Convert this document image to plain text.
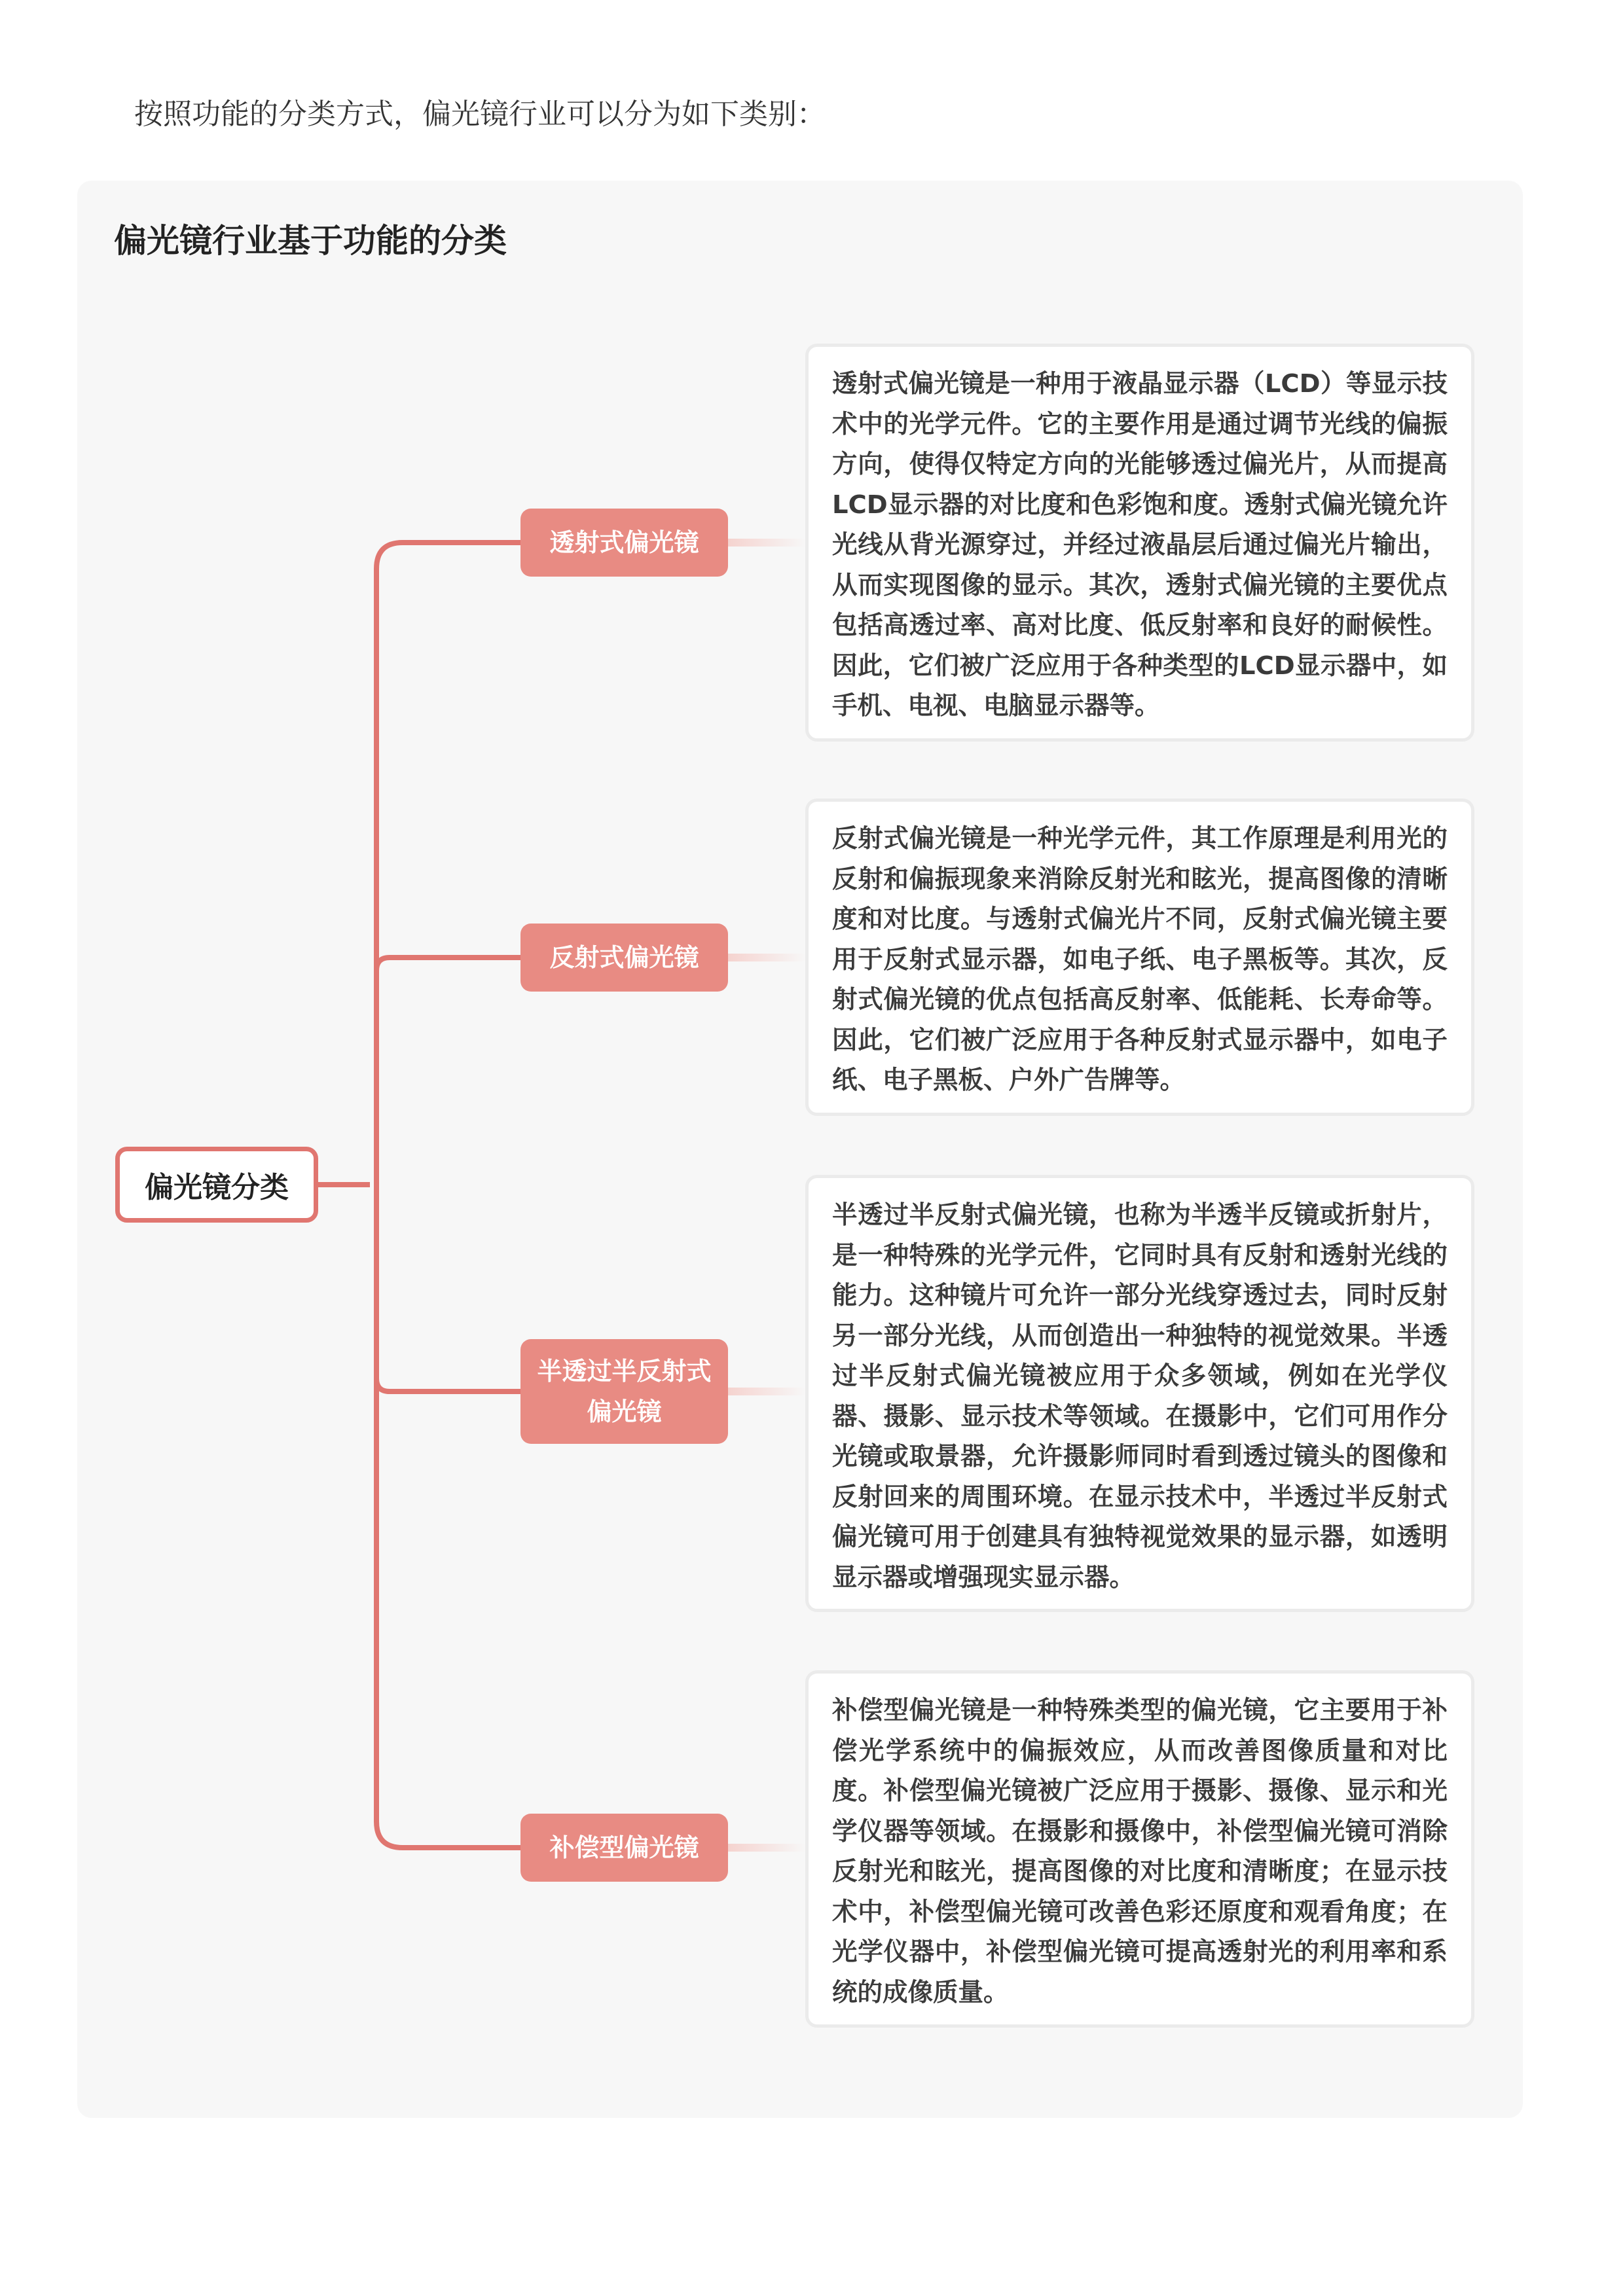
按照功能的分类方式，偏光镜行业可以分为如下类别：
偏光镜行业基于功能的分类
偏光镜分类
透射式偏光镜
透射式偏光镜是一种用于液晶显示器（LCD）等显示技术中的光学元件。它的主要作用是通过调节光线的偏振方向，使得仅特定方向的光能够透过偏光片，从而提高LCD显示器的对比度和色彩饱和度。透射式偏光镜允许光线从背光源穿过，并经过液晶层后通过偏光片输出，从而实现图像的显示。其次，透射式偏光镜的主要优点包括高透过率、高对比度、低反射率和良好的耐候性。因此，它们被广泛应用于各种类型的LCD显示器中，如手机、电视、电脑显示器等。
反射式偏光镜
反射式偏光镜是一种光学元件，其工作原理是利用光的反射和偏振现象来消除反射光和眩光，提高图像的清晰度和对比度。与透射式偏光片不同，反射式偏光镜主要用于反射式显示器，如电子纸、电子黑板等。其次，反射式偏光镜的优点包括高反射率、低能耗、长寿命等。因此，它们被广泛应用于各种反射式显示器中，如电子纸、电子黑板、户外广告牌等。
半透过半反射式偏光镜
半透过半反射式偏光镜，也称为半透半反镜或折射片，是一种特殊的光学元件，它同时具有反射和透射光线的能力。这种镜片可允许一部分光线穿透过去，同时反射另一部分光线，从而创造出一种独特的视觉效果。半透过半反射式偏光镜被应用于众多领域，例如在光学仪器、摄影、显示技术等领域。在摄影中，它们可用作分光镜或取景器，允许摄影师同时看到透过镜头的图像和反射回来的周围环境。在显示技术中，半透过半反射式偏光镜可用于创建具有独特视觉效果的显示器，如透明显示器或增强现实显示器。
补偿型偏光镜
补偿型偏光镜是一种特殊类型的偏光镜，它主要用于补偿光学系统中的偏振效应，从而改善图像质量和对比度。补偿型偏光镜被广泛应用于摄影、摄像、显示和光学仪器等领域。在摄影和摄像中，补偿型偏光镜可消除反射光和眩光，提高图像的对比度和清晰度；在显示技术中，补偿型偏光镜可改善色彩还原度和观看角度；在光学仪器中，补偿型偏光镜可提高透射光的利用率和系统的成像质量。
